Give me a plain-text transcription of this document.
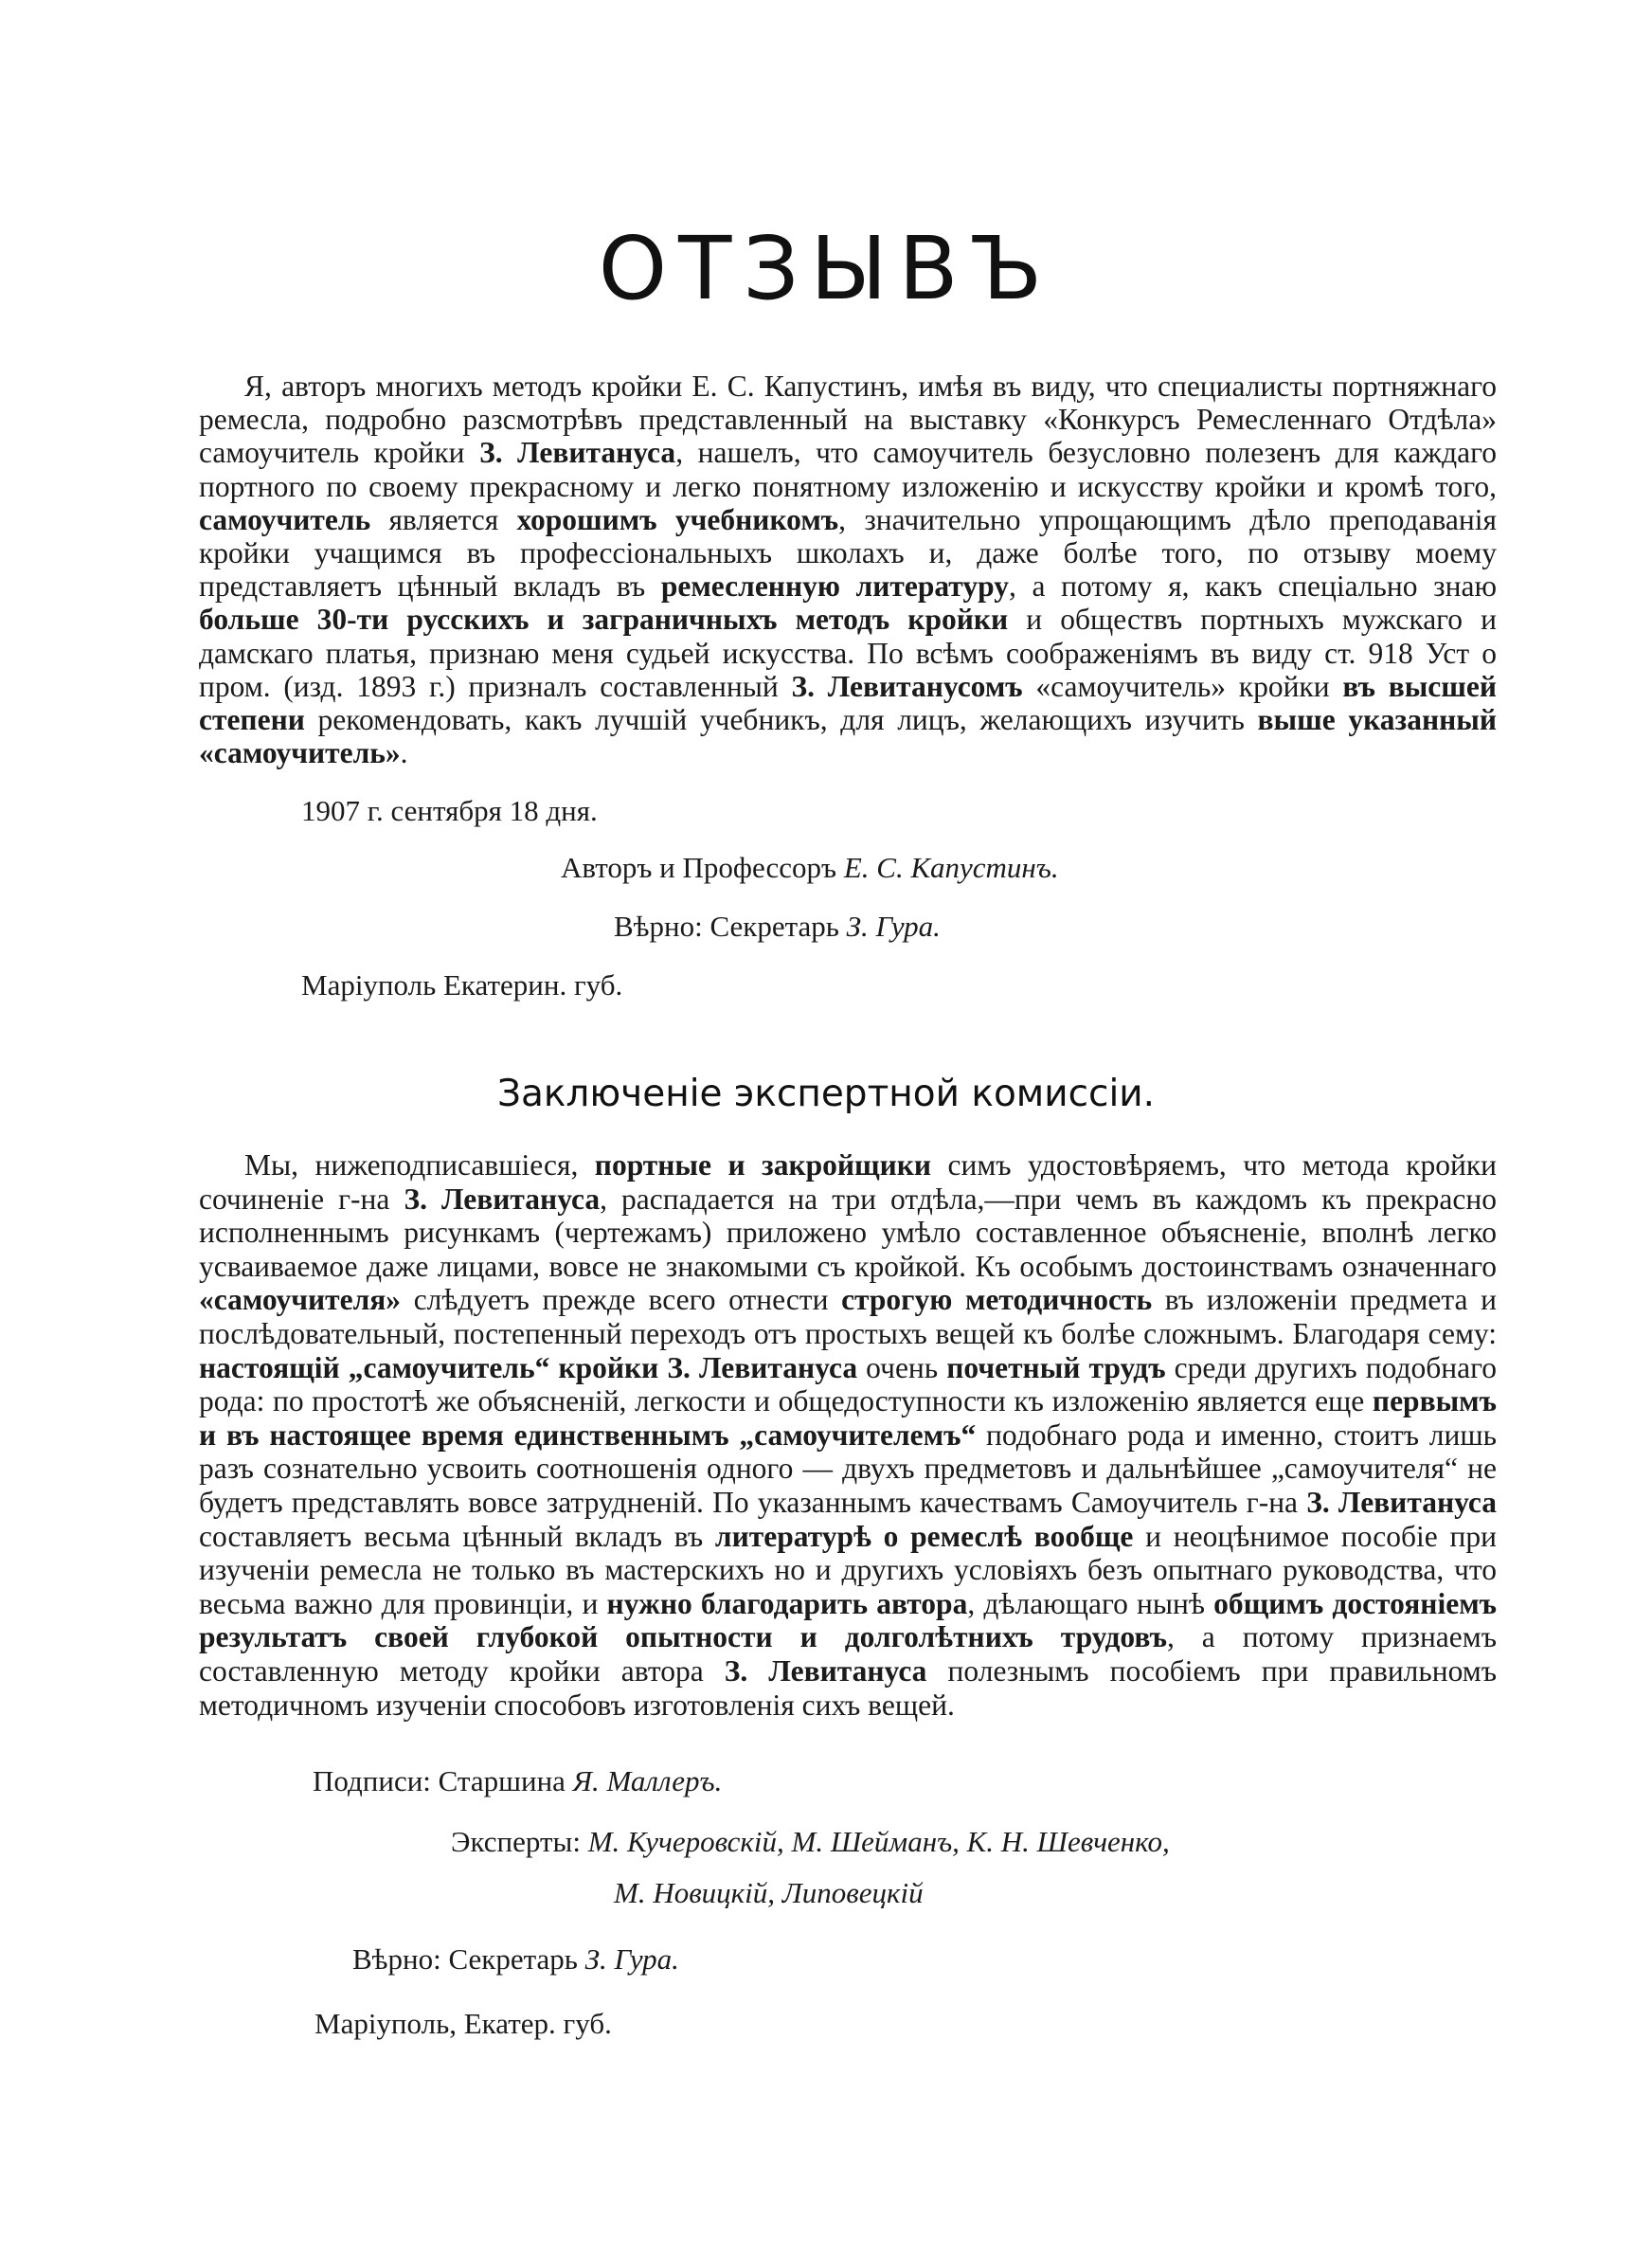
ОТЗЫВЪ
Я, авторъ многихъ методъ кройки Е. С. Капустинъ, имѣя въ виду, что специалисты портняжнаго ремесла, подробно разсмотрѣвъ представленный на выставку «Конкурсъ Ремесленнаго Отдѣла» самоучитель кройки З. Левитануса, нашелъ, что самоучитель безусловно полезенъ для каждаго портного по своему прекрасному и легко понятному изложенію и искусству кройки и кромѣ того, самоучитель является хорошимъ учебникомъ, значительно упрощающимъ дѣло преподаванія кройки учащимся въ профессіональныхъ школахъ и, даже болѣе того, по отзыву моему представляетъ цѣнный вкладъ въ ремесленную литературу, а потому я, какъ спеціально знаю больше 30-ти русскихъ и заграничныхъ методъ кройки и обществъ портныхъ мужскаго и дамскаго платья, признаю меня судьей искусства. По всѣмъ соображеніямъ въ виду ст. 918 Уст о пром. (изд. 1893 г.) призналъ составленный З. Левитанусомъ «самоучитель» кройки въ высшей степени рекомендовать, какъ лучшій учебникъ, для лицъ, желающихъ изучить выше указанный «самоучитель».
1907 г. сентября 18 дня.
Авторъ и Профессоръ Е. С. Капустинъ.
Вѣрно: Секретарь З. Гура.
Маріуполь Екатерин. губ.
Заключеніе экспертной комиссіи.
Мы, нижеподписавшіеся, портные и закройщики симъ удостовѣряемъ, что метода кройки сочиненіе г-на З. Левитануса, распадается на три отдѣла,—при чемъ въ каждомъ къ прекрасно исполненнымъ рисункамъ (чертежамъ) приложено умѣло составленное объясненіе, вполнѣ легко усваиваемое даже лицами, вовсе не знакомыми съ кройкой. Къ особымъ достоинствамъ означеннаго «самоучителя» слѣдуетъ прежде всего отнести строгую методичность въ изложеніи предмета и послѣдовательный, постепенный переходъ отъ простыхъ вещей къ болѣе сложнымъ. Благодаря сему: настоящій „самоучитель“ кройки З. Левитануса очень почетный трудъ среди другихъ подобнаго рода: по простотѣ же объясненій, легкости и общедоступности къ изложенію является еще первымъ и въ настоящее время единственнымъ „самоучителемъ“ подобнаго рода и именно, стоитъ лишь разъ сознательно усвоить соотношенія одного — двухъ предметовъ и дальнѣйшее „самоучителя“ не будетъ представлять вовсе затрудненій. По указаннымъ качествамъ Самоучитель г-на З. Левитануса составляетъ весьма цѣнный вкладъ въ литературѣ о ремеслѣ вообще и неоцѣнимое пособіе при изученіи ремесла не только въ мастерскихъ но и другихъ условіяхъ безъ опытнаго руководства, что весьма важно для провинціи, и нужно благодарить автора, дѣлающаго нынѣ общимъ достояніемъ результатъ своей глубокой опытности и долголѣтнихъ трудовъ, а потому признаемъ составленную методу кройки автора З. Левитануса полезнымъ пособіемъ при правильномъ методичномъ изученіи способовъ изготовленія сихъ вещей.
Подписи: Старшина Я. Маллеръ.
Эксперты: М. Кучеровскій, М. Шейманъ, К. Н. Шевченко,
М. Новицкій, Липовецкій
Вѣрно: Секретарь З. Гура.
Маріуполь, Екатер. губ.
